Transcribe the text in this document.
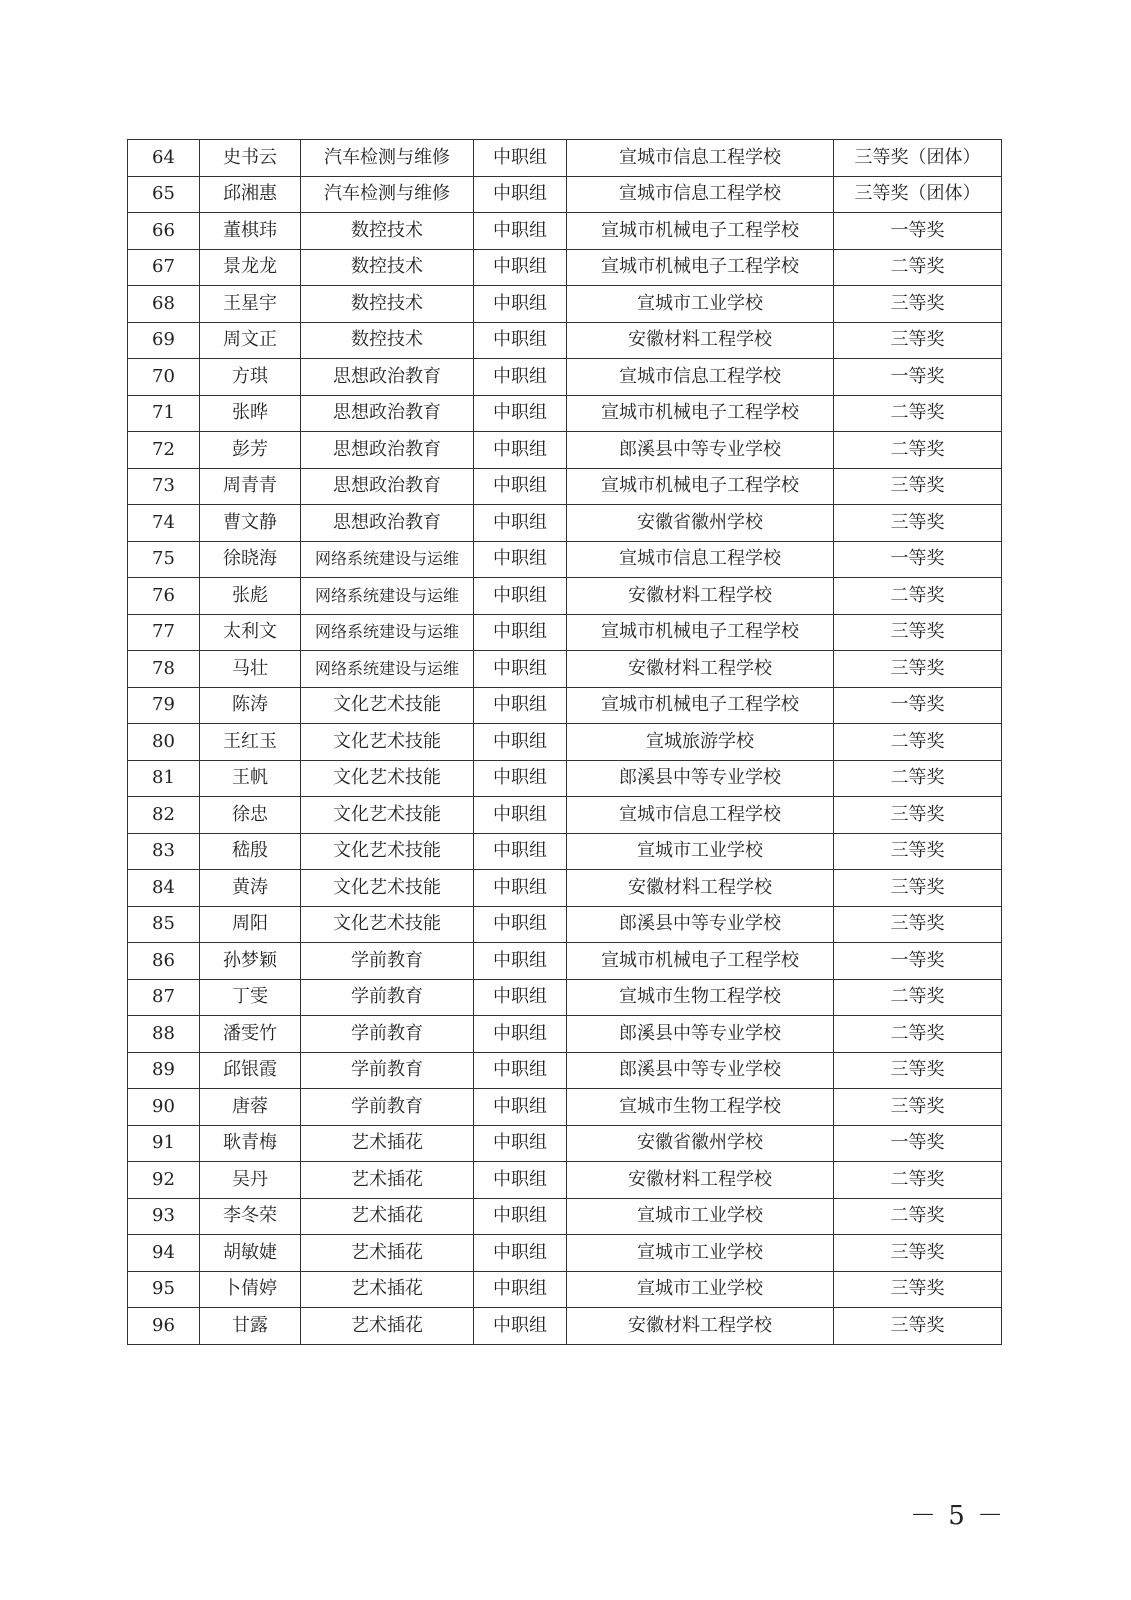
64	史书云	汽车检测与维修	中职组	宣城市信息工程学校	三等奖（团体）
65	邱湘惠	汽车检测与维修	中职组	宣城市信息工程学校	三等奖（团体）
66	董棋玮	数控技术	中职组	宣城市机械电子工程学校	一等奖
67	景龙龙	数控技术	中职组	宣城市机械电子工程学校	二等奖
68	王星宇	数控技术	中职组	宣城市工业学校	三等奖
69	周文正	数控技术	中职组	安徽材料工程学校	三等奖
70	方琪	思想政治教育	中职组	宣城市信息工程学校	一等奖
71	张晔	思想政治教育	中职组	宣城市机械电子工程学校	二等奖
72	彭芳	思想政治教育	中职组	郎溪县中等专业学校	二等奖
73	周青青	思想政治教育	中职组	宣城市机械电子工程学校	三等奖
74	曹文静	思想政治教育	中职组	安徽省徽州学校	三等奖
75	徐晓海	网络系统建设与运维	中职组	宣城市信息工程学校	一等奖
76	张彪	网络系统建设与运维	中职组	安徽材料工程学校	二等奖
77	太利文	网络系统建设与运维	中职组	宣城市机械电子工程学校	三等奖
78	马壮	网络系统建设与运维	中职组	安徽材料工程学校	三等奖
79	陈涛	文化艺术技能	中职组	宣城市机械电子工程学校	一等奖
80	王红玉	文化艺术技能	中职组	宣城旅游学校	二等奖
81	王帆	文化艺术技能	中职组	郎溪县中等专业学校	二等奖
82	徐忠	文化艺术技能	中职组	宣城市信息工程学校	三等奖
83	嵇殷	文化艺术技能	中职组	宣城市工业学校	三等奖
84	黄涛	文化艺术技能	中职组	安徽材料工程学校	三等奖
85	周阳	文化艺术技能	中职组	郎溪县中等专业学校	三等奖
86	孙梦颖	学前教育	中职组	宣城市机械电子工程学校	一等奖
87	丁雯	学前教育	中职组	宣城市生物工程学校	二等奖
88	潘雯竹	学前教育	中职组	郎溪县中等专业学校	二等奖
89	邱银霞	学前教育	中职组	郎溪县中等专业学校	三等奖
90	唐蓉	学前教育	中职组	宣城市生物工程学校	三等奖
91	耿青梅	艺术插花	中职组	安徽省徽州学校	一等奖
92	吴丹	艺术插花	中职组	安徽材料工程学校	二等奖
93	李冬荣	艺术插花	中职组	宣城市工业学校	二等奖
94	胡敏婕	艺术插花	中职组	宣城市工业学校	三等奖
95	卜倩婷	艺术插花	中职组	宣城市工业学校	三等奖
96	甘露	艺术插花	中职组	安徽材料工程学校	三等奖
－ 5 －
